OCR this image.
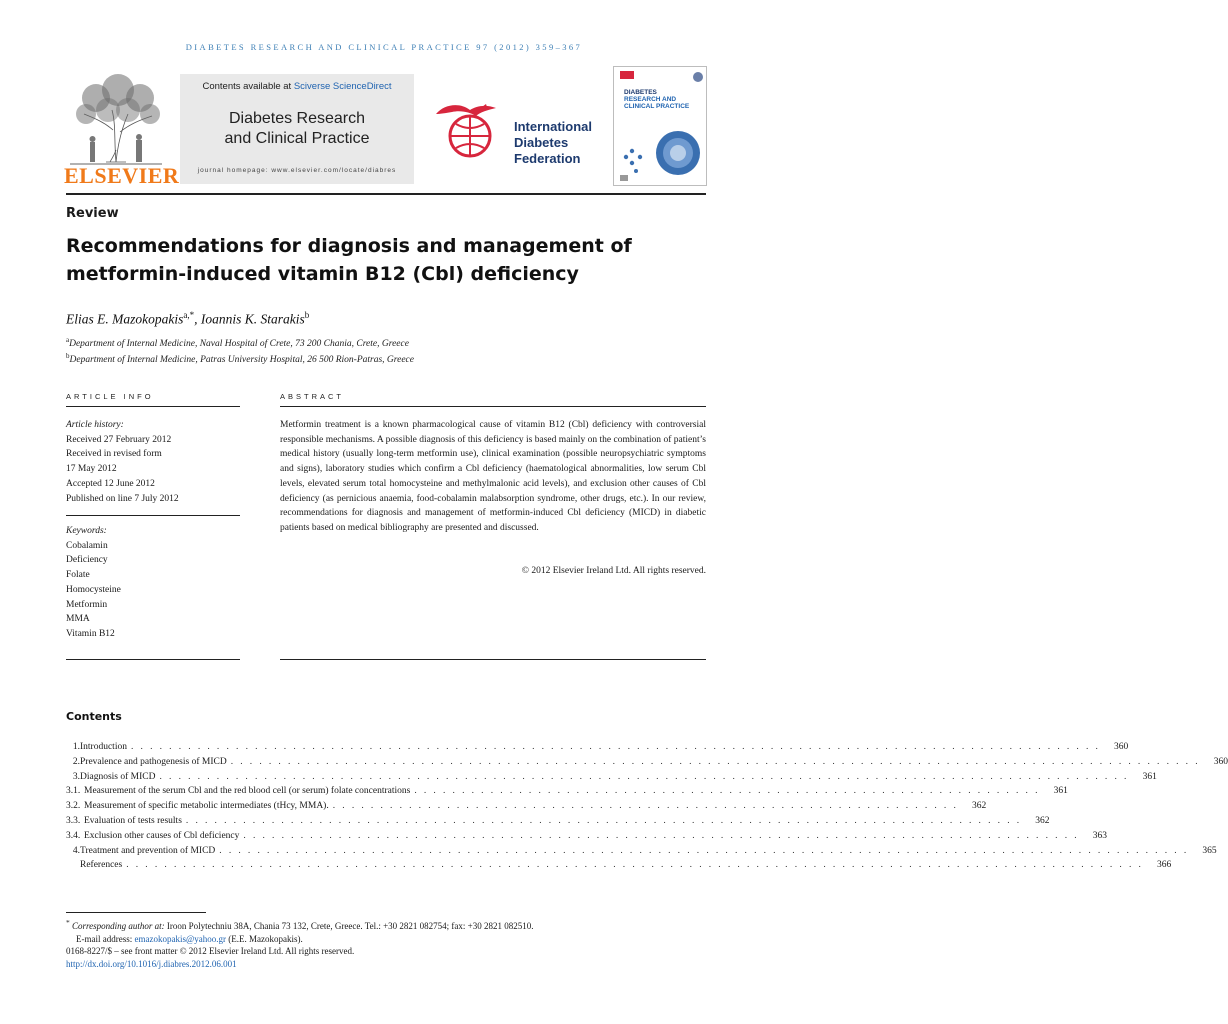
DIABETES RESEARCH AND CLINICAL PRACTICE 97 (2012) 359–367
ELSEVIER
Contents available at Sciverse ScienceDirect
Diabetes Research
and Clinical Practice
journal homepage: www.elsevier.com/locate/diabres
International
Diabetes
Federation
DIABETES
RESEARCH AND
CLINICAL PRACTICE
Review
Recommendations for diagnosis and management of
metformin-induced vitamin B12 (Cbl) deficiency
Elias E. Mazokopakis$^{a,*}$, Ioannis K. Starakis$^b$
$^a$Department of Internal Medicine, Naval Hospital of Crete, 73 200 Chania, Crete, Greece
$^b$Department of Internal Medicine, Patras University Hospital, 26 500 Rion-Patras, Greece
ARTICLE INFO
Article history:
Received 27 February 2012
Received in revised form
17 May 2012
Accepted 12 June 2012
Published on line 7 July 2012
Keywords:
Cobalamin
Deficiency
Folate
Homocysteine
Metformin
MMA
Vitamin B12
ABSTRACT
Metformin treatment is a known pharmacological cause of vitamin B12 (Cbl) deficiency with controversial responsible mechanisms. A possible diagnosis of this deficiency is based mainly on the combination of patient’s medical history (usually long-term metformin use), clinical examination (possible neuropsychiatric symptoms and signs), laboratory studies which confirm a Cbl deficiency (haematological abnormalities, low serum Cbl levels, elevated serum total homocysteine and methylmalonic acid levels), and exclusion other causes of Cbl deficiency (as pernicious anaemia, food-cobalamin malabsorption syndrome, other drugs, etc.). In our review, recommendations for diagnosis and management of metformin-induced Cbl deficiency (MICD) in diabetic patients based on medical bibliography are presented and discussed.
© 2012 Elsevier Ireland Ltd. All rights reserved.
Contents
1. Introduction . . . . . . . . . . . . . . . . . . . . . . . . . . . . . . . . . . . . . . . . . . . . . . . . . . . . . . . . . . . . . . . . . . . . . . . . . . . . . . . . . . . . . . . . . . . . . . . . . . . . . .	360
2. Prevalence and pathogenesis of MICD . . . . . . . . . . . . . . . . . . . . . . . . . . . . . . . . . . . . . . . . . . . . . . . . . . . . . . . . . . . . . . . . . . . . . . . . . . . . . . . . . . . . . . . . . . . . . . . . . . . . . .	360
3. Diagnosis of MICD . . . . . . . . . . . . . . . . . . . . . . . . . . . . . . . . . . . . . . . . . . . . . . . . . . . . . . . . . . . . . . . . . . . . . . . . . . . . . . . . . . . . . . . . . . . . . . . . . . . . . .	361
3.1. Measurement of the serum Cbl and the red blood cell (or serum) folate concentrations . . . . . . . . . . . . . . . . . . . . . . . . . . . . . . . . . . . . . . . . . . . . . . . . . . . . . . . . . . . . . . . . . .	361
3.2. Measurement of specific metabolic intermediates (tHcy, MMA). . . . . . . . . . . . . . . . . . . . . . . . . . . . . . . . . . . . . . . . . . . . . . . . . . . . . . . . . . . . . . . . . . .	362
3.3. Evaluation of tests results . . . . . . . . . . . . . . . . . . . . . . . . . . . . . . . . . . . . . . . . . . . . . . . . . . . . . . . . . . . . . . . . . . . . . . . . . . . . . . . . . . . . . . . .	362
3.4. Exclusion other causes of Cbl deficiency . . . . . . . . . . . . . . . . . . . . . . . . . . . . . . . . . . . . . . . . . . . . . . . . . . . . . . . . . . . . . . . . . . . . . . . . . . . . . . . . . . . . . . . .	363
4. Treatment and prevention of MICD . . . . . . . . . . . . . . . . . . . . . . . . . . . . . . . . . . . . . . . . . . . . . . . . . . . . . . . . . . . . . . . . . . . . . . . . . . . . . . . . . . . . . . . . . . . . . . . . . . . . . .	365
References . . . . . . . . . . . . . . . . . . . . . . . . . . . . . . . . . . . . . . . . . . . . . . . . . . . . . . . . . . . . . . . . . . . . . . . . . . . . . . . . . . . . . . . . . . . . . . . . . . . . . . . . . . .	366
* Corresponding author at: Iroon Polytechniu 38A, Chania 73 132, Crete, Greece. Tel.: +30 2821 082754; fax: +30 2821 082510.
E-mail address: emazokopakis@yahoo.gr (E.E. Mazokopakis).
0168-8227/$ – see front matter © 2012 Elsevier Ireland Ltd. All rights reserved.
http://dx.doi.org/10.1016/j.diabres.2012.06.001
